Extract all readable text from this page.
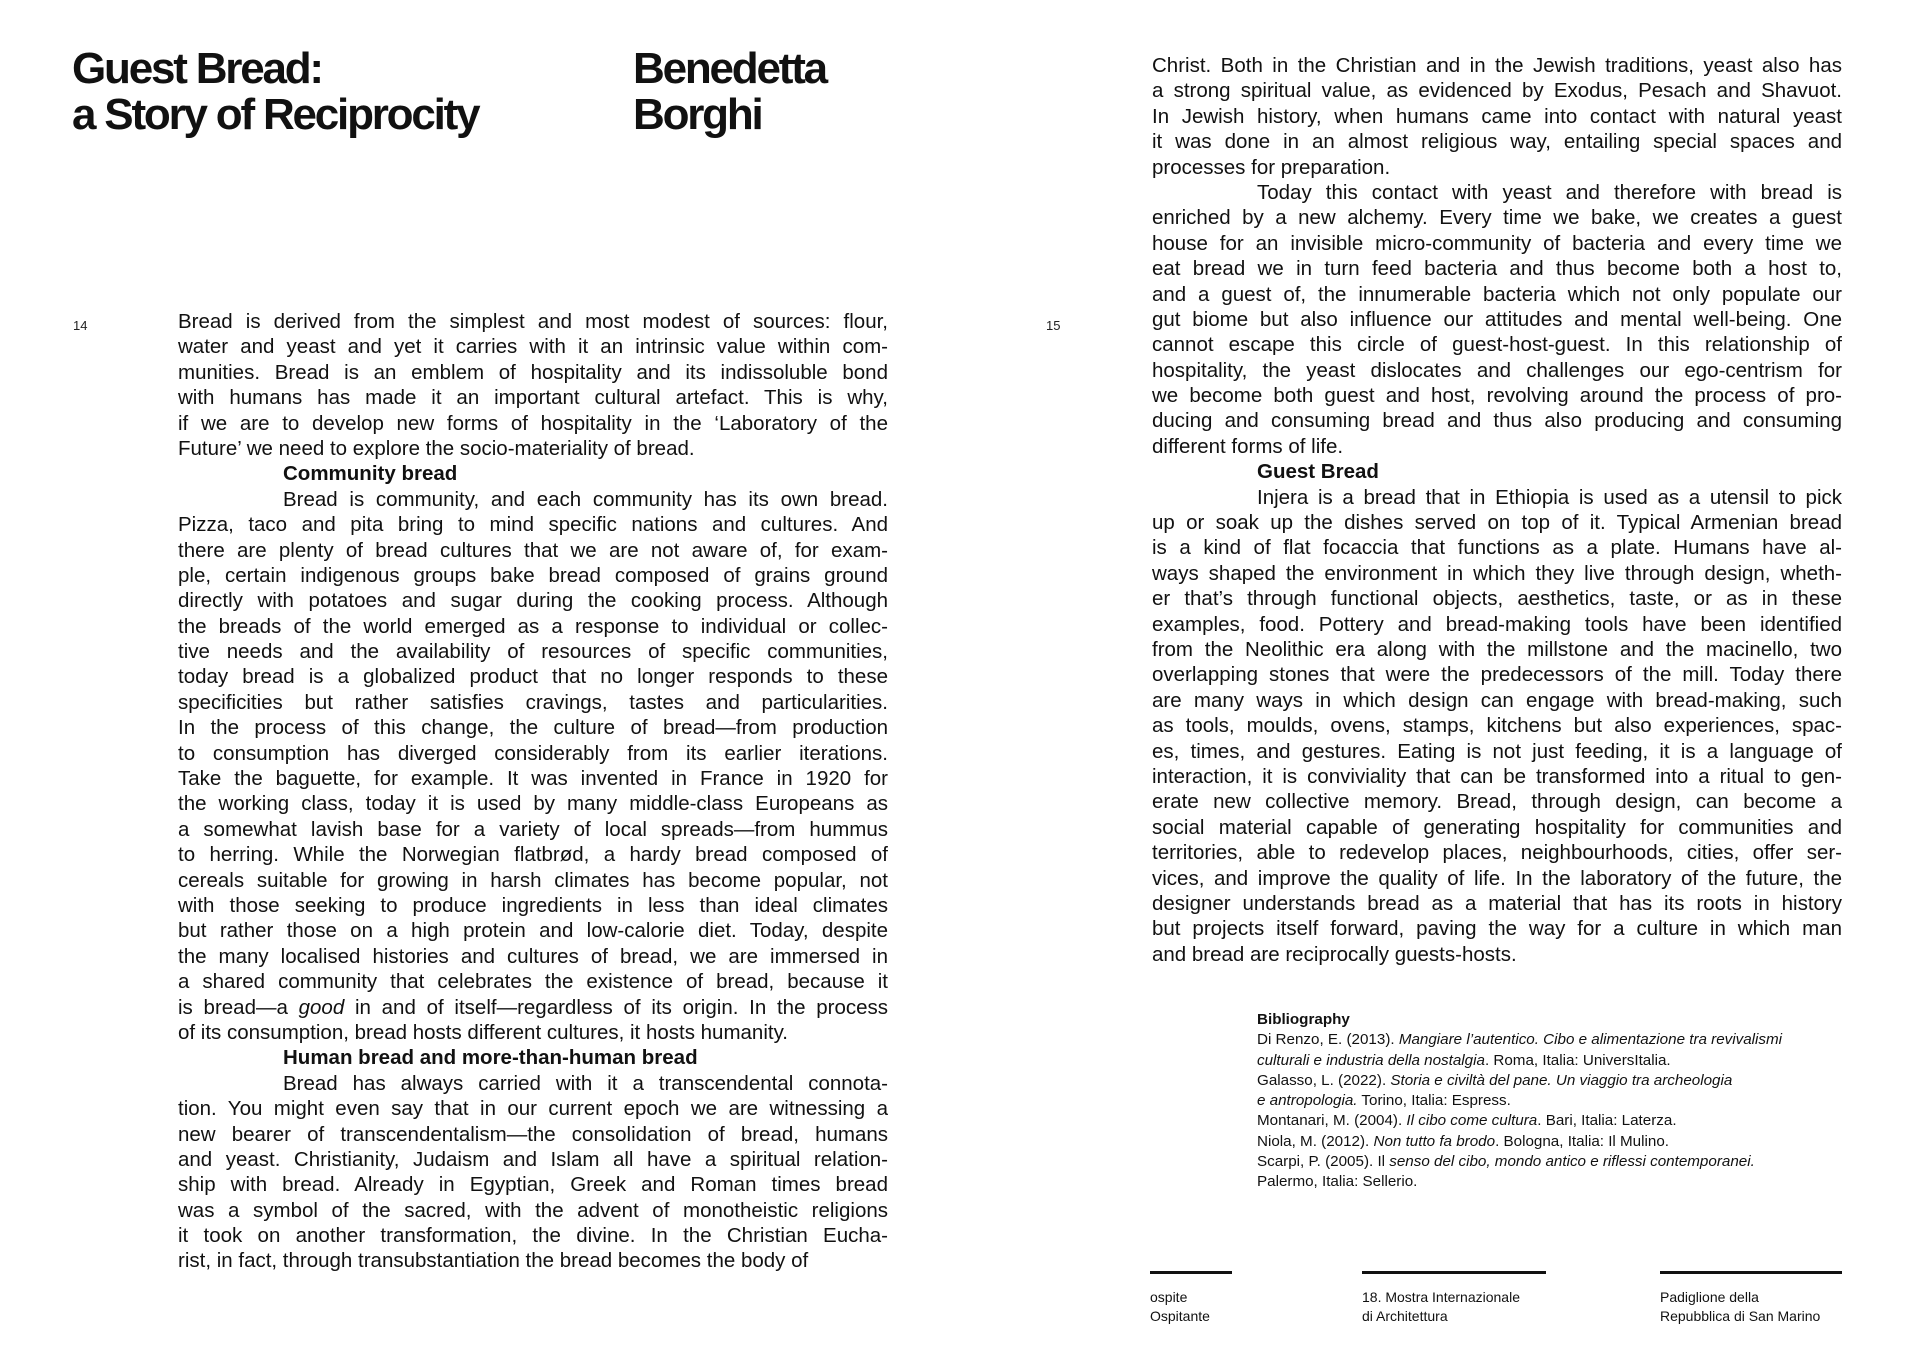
Guest Bread:
a Story of Reciprocity
Benedetta
Borghi
14	15
Bread is derived from the simplest and most modest of sources: flour,
water and yeast and yet it carries with it an intrinsic value within com-
munities. Bread is an emblem of hospitality and its indissoluble bond
with humans has made it an important cultural artefact. This is why,
if we are to develop new forms of hospitality in the ‘Laboratory of the
Future’ we need to explore the socio-materiality of bread.
Community bread
Bread is community, and each community has its own bread.
Pizza, taco and pita bring to mind specific nations and cultures. And
there are plenty of bread cultures that we are not aware of, for exam-
ple, certain indigenous groups bake bread composed of grains ground
directly with potatoes and sugar during the cooking process. Although
the breads of the world emerged as a response to individual or collec-
tive needs and the availability of resources of specific communities,
today bread is a globalized product that no longer responds to these
specificities but rather satisfies cravings, tastes and particularities.
In the process of this change, the culture of bread—from production
to consumption has diverged considerably from its earlier iterations.
Take the baguette, for example. It was invented in France in 1920 for
the working class, today it is used by many middle-class Europeans as
a somewhat lavish base for a variety of local spreads—from hummus
to herring. While the Norwegian flatbrød, a hardy bread composed of
cereals suitable for growing in harsh climates has become popular, not
with those seeking to produce ingredients in less than ideal climates
but rather those on a high protein and low-calorie diet. Today, despite
the many localised histories and cultures of bread, we are immersed in
a shared community that celebrates the existence of bread, because it
is bread—a good in and of itself—regardless of its origin. In the process
of its consumption, bread hosts different cultures, it hosts humanity.
Human bread and more-than-human bread
Bread has always carried with it a transcendental connota-
tion. You might even say that in our current epoch we are witnessing a
new bearer of transcendentalism—the consolidation of bread, humans
and yeast. Christianity, Judaism and Islam all have a spiritual relation-
ship with bread. Already in Egyptian, Greek and Roman times bread
was a symbol of the sacred, with the advent of monotheistic religions
it took on another transformation, the divine. In the Christian Eucha-
rist, in fact, through transubstantiation the bread becomes the body of
Christ. Both in the Christian and in the Jewish traditions, yeast also has
a strong spiritual value, as evidenced by Exodus, Pesach and Shavuot.
In Jewish history, when humans came into contact with natural yeast
it was done in an almost religious way, entailing special spaces and
processes for preparation.
Today this contact with yeast and therefore with bread is
enriched by a new alchemy. Every time we bake, we creates a guest
house for an invisible micro-community of bacteria and every time we
eat bread we in turn feed bacteria and thus become both a host to,
and a guest of, the innumerable bacteria which not only populate our
gut biome but also influence our attitudes and mental well-being. One
cannot escape this circle of guest-host-guest. In this relationship of
hospitality, the yeast dislocates and challenges our ego-centrism for
we become both guest and host, revolving around the process of pro-
ducing and consuming bread and thus also producing and consuming
different forms of life.
Guest Bread
Injera is a bread that in Ethiopia is used as a utensil to pick
up or soak up the dishes served on top of it. Typical Armenian bread
is a kind of flat focaccia that functions as a plate. Humans have al-
ways shaped the environment in which they live through design, wheth-
er that’s through functional objects, aesthetics, taste, or as in these
examples, food. Pottery and bread-making tools have been identified
from the Neolithic era along with the millstone and the macinello, two
overlapping stones that were the predecessors of the mill. Today there
are many ways in which design can engage with bread-making, such
as tools, moulds, ovens, stamps, kitchens but also experiences, spac-
es, times, and gestures. Eating is not just feeding, it is a language of
interaction, it is conviviality that can be transformed into a ritual to gen-
erate new collective memory. Bread, through design, can become a
social material capable of generating hospitality for communities and
territories, able to redevelop places, neighbourhoods, cities, offer ser-
vices, and improve the quality of life. In the laboratory of the future, the
designer understands bread as a material that has its roots in history
but projects itself forward, paving the way for a culture in which man
and bread are reciprocally guests-hosts.
Bibliography
Di Renzo, E. (2013). Mangiare l’autentico. Cibo e alimentazione tra revivalismi
culturali e industria della nostalgia. Roma, Italia: UniversItalia.
Galasso, L. (2022). Storia e civiltà del pane. Un viaggio tra archeologia
e antropologia. Torino, Italia: Espress.
Montanari, M. (2004). Il cibo come cultura. Bari, Italia: Laterza.
Niola, M. (2012). Non tutto fa brodo. Bologna, Italia: Il Mulino.
Scarpi, P. (2005). Il senso del cibo, mondo antico e riflessi contemporanei.
Palermo, Italia: Sellerio.
ospite
Ospitante
18. Mostra Internazionale
di Architettura
Padiglione della
Repubblica di San Marino
